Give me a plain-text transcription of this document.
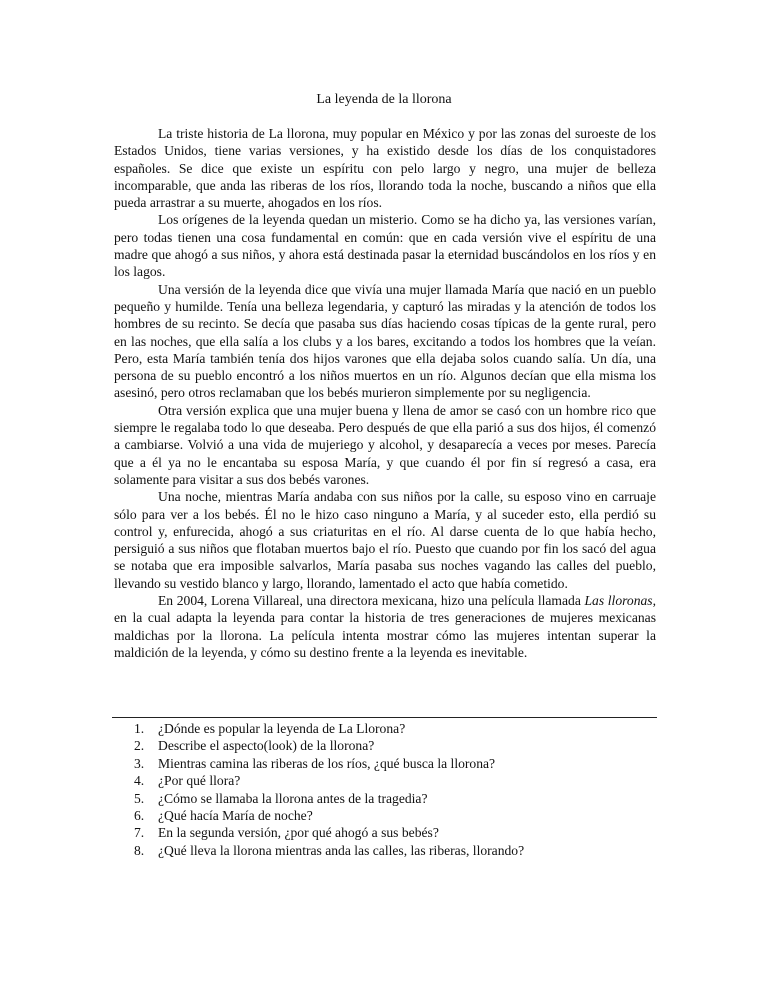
La leyenda de la llorona

La triste historia de La llorona, muy popular en México y por las zonas del suroeste de los Estados Unidos, tiene varias versiones, y ha existido desde los días de los conquistadores españoles. Se dice que existe un espíritu con pelo largo y negro, una mujer de belleza incomparable, que anda las riberas de los ríos, llorando toda la noche, buscando a niños que ella pueda arrastrar a su muerte, ahogados en los ríos.

Los orígenes de la leyenda quedan un misterio. Como se ha dicho ya, las versiones varían, pero todas tienen una cosa fundamental en común: que en cada versión vive el espíritu de una madre que ahogó a sus niños, y ahora está destinada pasar la eternidad buscándolos en los ríos y en los lagos.

Una versión de la leyenda dice que vivía una mujer llamada María que nació en un pueblo pequeño y humilde. Tenía una belleza legendaria, y capturó las miradas y la atención de todos los hombres de su recinto. Se decía que pasaba sus días haciendo cosas típicas de la gente rural, pero en las noches, que ella salía a los clubs y a los bares, excitando a todos los hombres que la veían. Pero, esta María también tenía dos hijos varones que ella dejaba solos cuando salía. Un día, una persona de su pueblo encontró a los niños muertos en un río. Algunos decían que ella misma los asesinó, pero otros reclamaban que los bebés murieron simplemente por su negligencia.

Otra versión explica que una mujer buena y llena de amor se casó con un hombre rico que siempre le regalaba todo lo que deseaba. Pero después de que ella parió a sus dos hijos, él comenzó a cambiarse. Volvió a una vida de mujeriego y alcohol, y desaparecía a veces por meses. Parecía que a él ya no le encantaba su esposa María, y que cuando él por fin sí regresó a casa, era solamente para visitar a sus dos bebés varones.

Una noche, mientras María andaba con sus niños por la calle, su esposo vino en carruaje sólo para ver a los bebés. Él no le hizo caso ninguno a María, y al suceder esto, ella perdió su control y, enfurecida, ahogó a sus criaturitas en el río. Al darse cuenta de lo que había hecho, persiguió a sus niños que flotaban muertos bajo el río. Puesto que cuando por fin los sacó del agua se notaba que era imposible salvarlos, María pasaba sus noches vagando las calles del pueblo, llevando su vestido blanco y largo, llorando, lamentado el acto que había cometido.

En 2004, Lorena Villareal, una directora mexicana, hizo una película llamada Las lloronas, en la cual adapta la leyenda para contar la historia de tres generaciones de mujeres mexicanas maldichas por la llorona. La película intenta mostrar cómo las mujeres intentan superar la maldición de la leyenda, y cómo su destino frente a la leyenda es inevitable.

1. ¿Dónde es popular la leyenda de La Llorona?
2. Describe el aspecto(look) de la llorona?
3. Mientras camina las riberas de los ríos, ¿qué busca la llorona?
4. ¿Por qué llora?
5. ¿Cómo se llamaba la llorona antes de la tragedia?
6. ¿Qué hacía María de noche?
7. En la segunda versión, ¿por qué ahogó a sus bebés?
8. ¿Qué lleva la llorona mientras anda las calles, las riberas, llorando?
